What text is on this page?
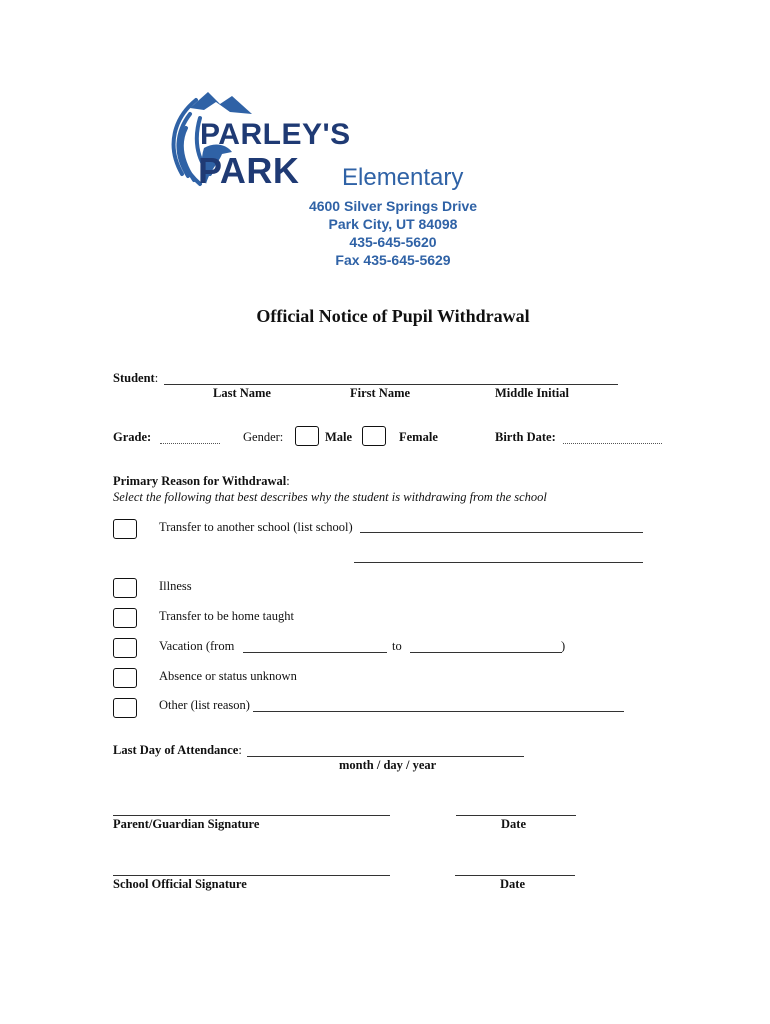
PARLEY'S
PARK Elementary
4600 Silver Springs Drive
Park City, UT 84098
435-645-5620
Fax 435-645-5629
Official Notice of Pupil Withdrawal
Student:
Last Name	First Name	Middle Initial
Grade:	Gender:	Male	Female	Birth Date:
Primary Reason for Withdrawal:
Select the following that best describes why the student is withdrawing from the school
Transfer to another school (list school)
Illness
Transfer to be home taught
Vacation (from	to	)
Absence or status unknown
Other (list reason)
Last Day of Attendance:
month / day / year
Parent/Guardian Signature	Date
School Official Signature	Date
